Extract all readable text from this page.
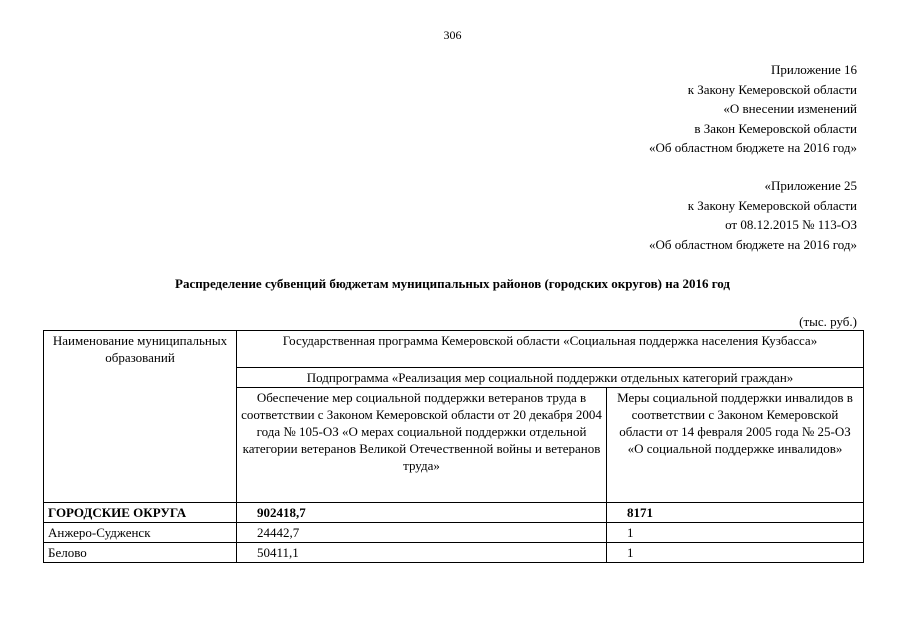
306
Приложение 16
к Закону Кемеровской области
«О внесении изменений
в Закон Кемеровской области
«Об областном бюджете на 2016 год»
«Приложение 25
к Закону Кемеровской области
от 08.12.2015 № 113-ОЗ
«Об областном бюджете на 2016 год»
Распределение субвенций бюджетам муниципальных районов (городских округов) на 2016 год
(тыс. руб.)
Наименование муниципальных образований	Государственная программа Кемеровской области «Социальная поддержка населения Кузбасса»	
	Подпрограмма «Реализация мер социальной поддержки отдельных категорий граждан»	
	Обеспечение мер социальной поддержки ветеранов труда в соответствии с Законом Кемеровской области от 20 декабря 2004 года № 105-ОЗ «О мерах социальной поддержки отдельной категории ветеранов Великой Отечественной войны и ветеранов труда»	Меры социальной поддержки инвалидов в соответствии с Законом Кемеровской области от 14 февраля 2005 года № 25-ОЗ «О социальной поддержке инвалидов»
ГОРОДСКИЕ ОКРУГА	902418,7	8171
Анжеро-Судженск	24442,7	1
Белово	50411,1	1
